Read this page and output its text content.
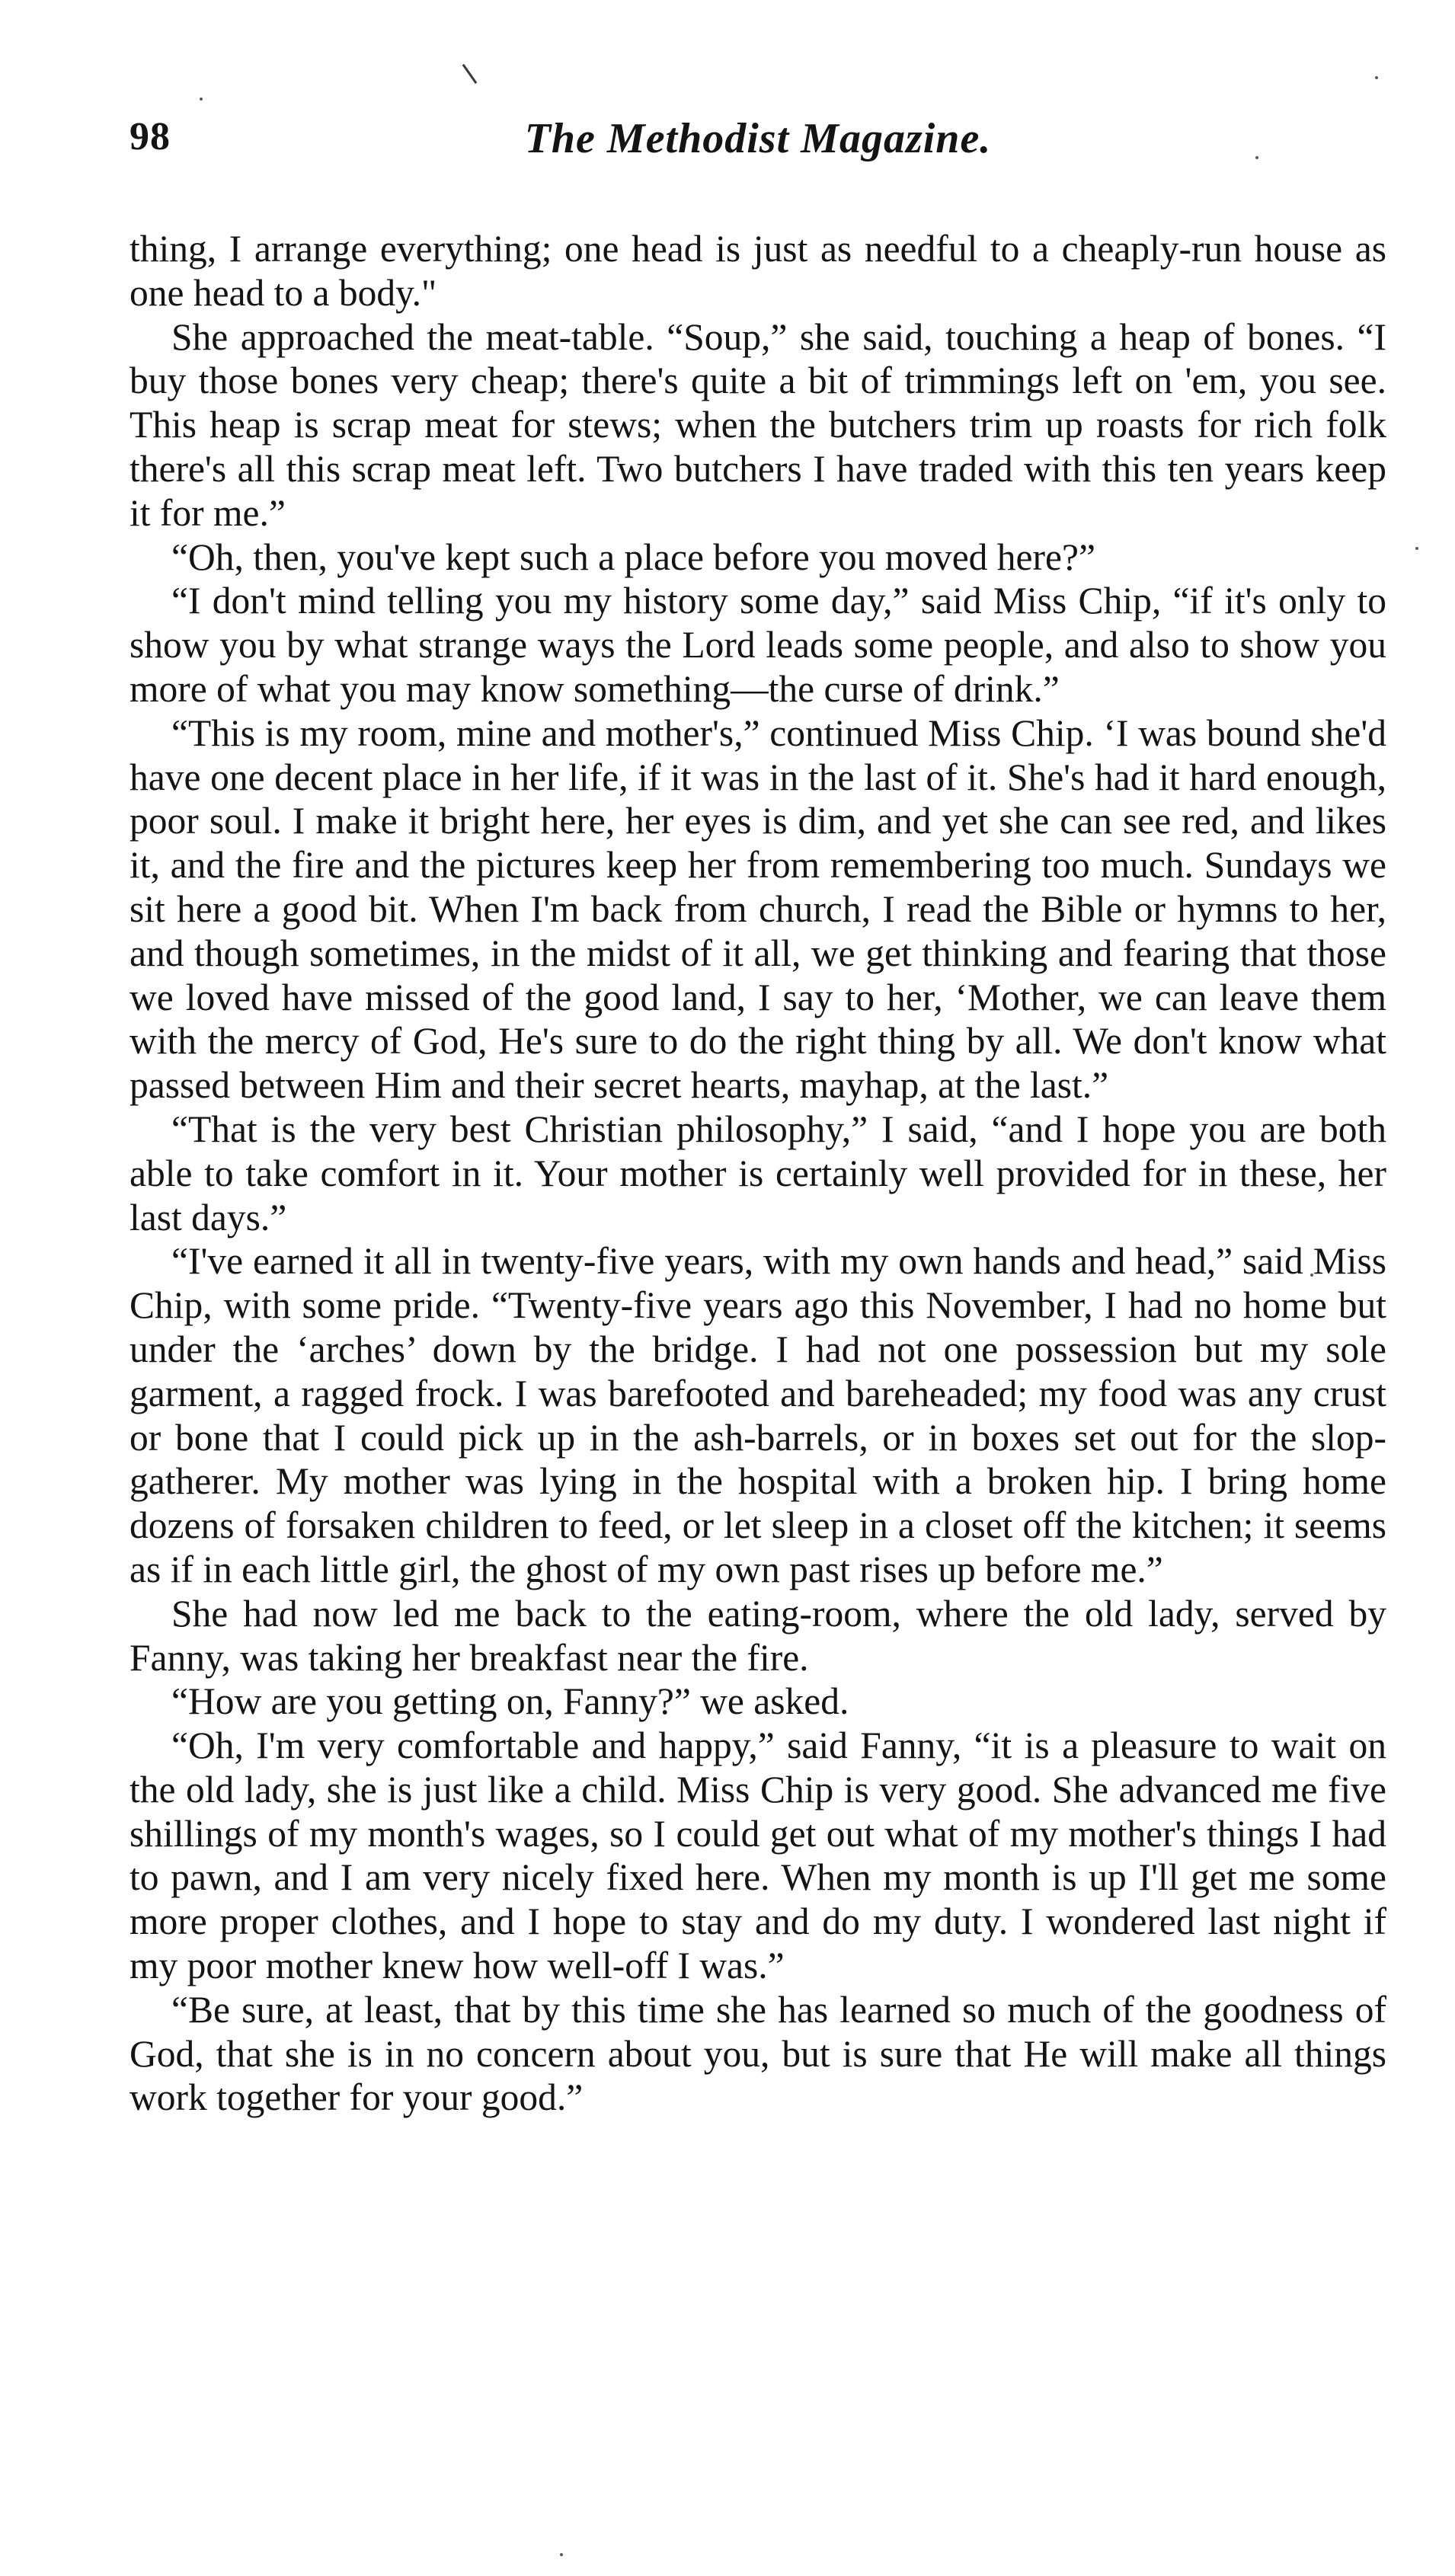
98	The Methodist Magazine.

thing, I arrange everything; one head is just as needful to a cheaply-run house as one head to a body."

She approached the meat-table. “Soup,” she said, touching a heap of bones. “I buy those bones very cheap; there's quite a bit of trimmings left on 'em, you see. This heap is scrap meat for stews; when the butchers trim up roasts for rich folk there's all this scrap meat left. Two butchers I have traded with this ten years keep it for me.”

“Oh, then, you've kept such a place before you moved here?”

“I don't mind telling you my history some day,” said Miss Chip, “if it's only to show you by what strange ways the Lord leads some people, and also to show you more of what you may know something—the curse of drink.”

“This is my room, mine and mother's,” continued Miss Chip. ‘I was bound she'd have one decent place in her life, if it was in the last of it. She's had it hard enough, poor soul. I make it bright here, her eyes is dim, and yet she can see red, and likes it, and the fire and the pictures keep her from remembering too much. Sundays we sit here a good bit. When I'm back from church, I read the Bible or hymns to her, and though sometimes, in the midst of it all, we get thinking and fearing that those we loved have missed of the good land, I say to her, ‘Mother, we can leave them with the mercy of God, He's sure to do the right thing by all. We don't know what passed between Him and their secret hearts, mayhap, at the last.”

“That is the very best Christian philosophy,” I said, “and I hope you are both able to take comfort in it. Your mother is certainly well provided for in these, her last days.”

“I've earned it all in twenty-five years, with my own hands and head,” said Miss Chip, with some pride. “Twenty-five years ago this November, I had no home but under the ‘arches’ down by the bridge. I had not one possession but my sole garment, a ragged frock. I was barefooted and bareheaded; my food was any crust or bone that I could pick up in the ash-barrels, or in boxes set out for the slop-gatherer. My mother was lying in the hospital with a broken hip. I bring home dozens of forsaken children to feed, or let sleep in a closet off the kitchen; it seems as if in each little girl, the ghost of my own past rises up before me.”

She had now led me back to the eating-room, where the old lady, served by Fanny, was taking her breakfast near the fire.

“How are you getting on, Fanny?” we asked.

“Oh, I'm very comfortable and happy,” said Fanny, “it is a pleasure to wait on the old lady, she is just like a child. Miss Chip is very good. She advanced me five shillings of my month's wages, so I could get out what of my mother's things I had to pawn, and I am very nicely fixed here. When my month is up I'll get me some more proper clothes, and I hope to stay and do my duty. I wondered last night if my poor mother knew how well-off I was.”

“Be sure, at least, that by this time she has learned so much of the goodness of God, that she is in no concern about you, but is sure that He will make all things work together for your good.”
